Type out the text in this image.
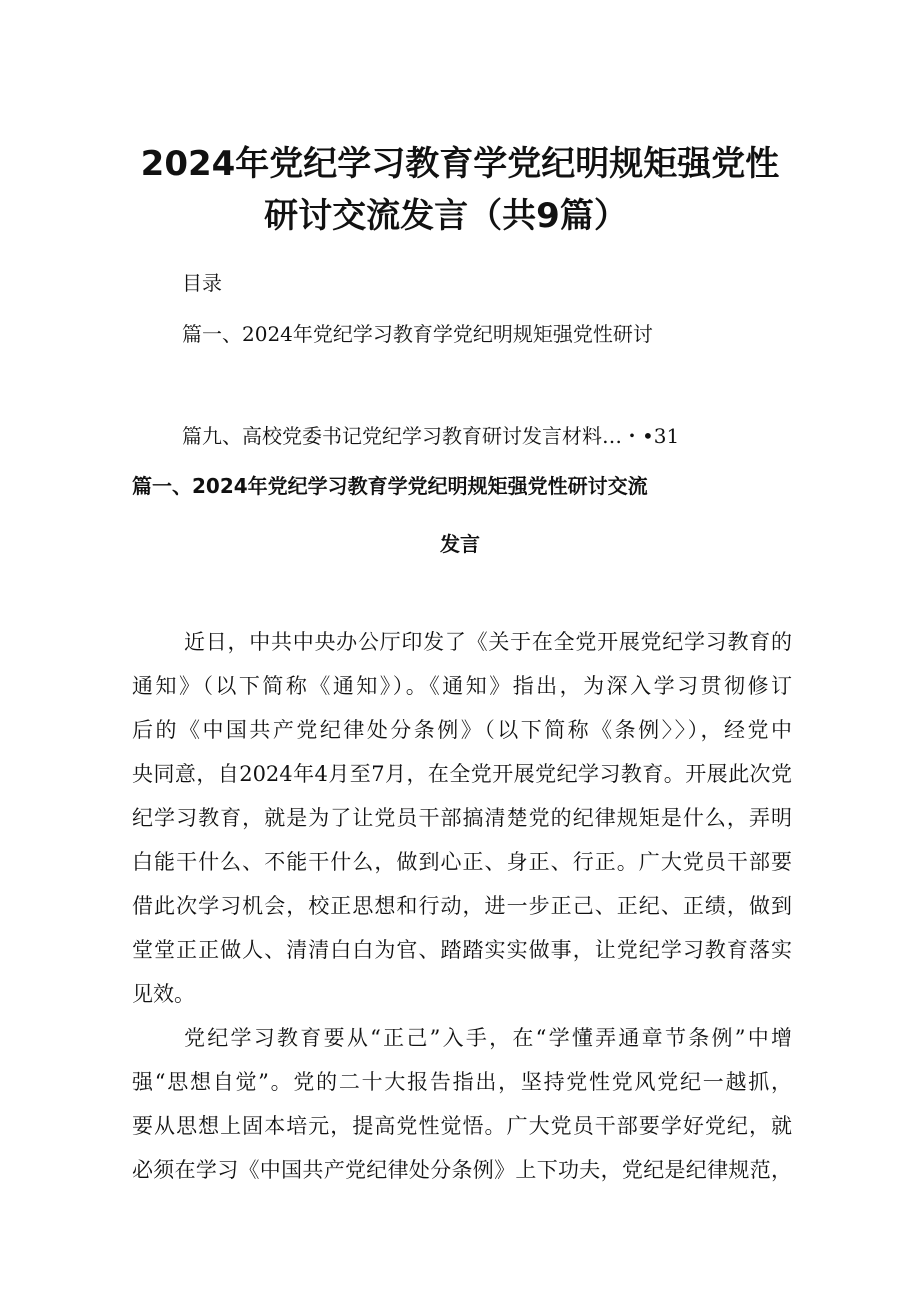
2024年党纪学习教育学党纪明规矩强党性
研讨交流发言（共9篇）
目录
篇一、2024年党纪学习教育学党纪明规矩强党性研讨
篇九、高校党委书记党纪学习教育研讨发言材料…・•31
篇一、2024年党纪学习教育学党纪明规矩强党性研讨交流
发言
近日，中共中央办公厅印发了《关于在全党开展党纪学习教育的
通知》（以下简称《通知》）。《通知》指出，为深入学习贯彻修订
后的《中国共产党纪律处分条例》（以下简称《条例〉〉），经党中
央同意，自2024年4月至7月，在全党开展党纪学习教育。开展此次党
纪学习教育，就是为了让党员干部搞清楚党的纪律规矩是什么，弄明
白能干什么、不能干什么，做到心正、身正、行正。广大党员干部要
借此次学习机会，校正思想和行动，进一步正己、正纪、正绩，做到
堂堂正正做人、清清白白为官、踏踏实实做事，让党纪学习教育落实
见效。
党纪学习教育要从“正己”入手，在“学懂弄通章节条例”中增
强“思想自觉”。党的二十大报告指出，坚持党性党风党纪一越抓，
要从思想上固本培元，提高党性觉悟。广大党员干部要学好党纪，就
必须在学习《中国共产党纪律处分条例》上下功夫，党纪是纪律规范，
